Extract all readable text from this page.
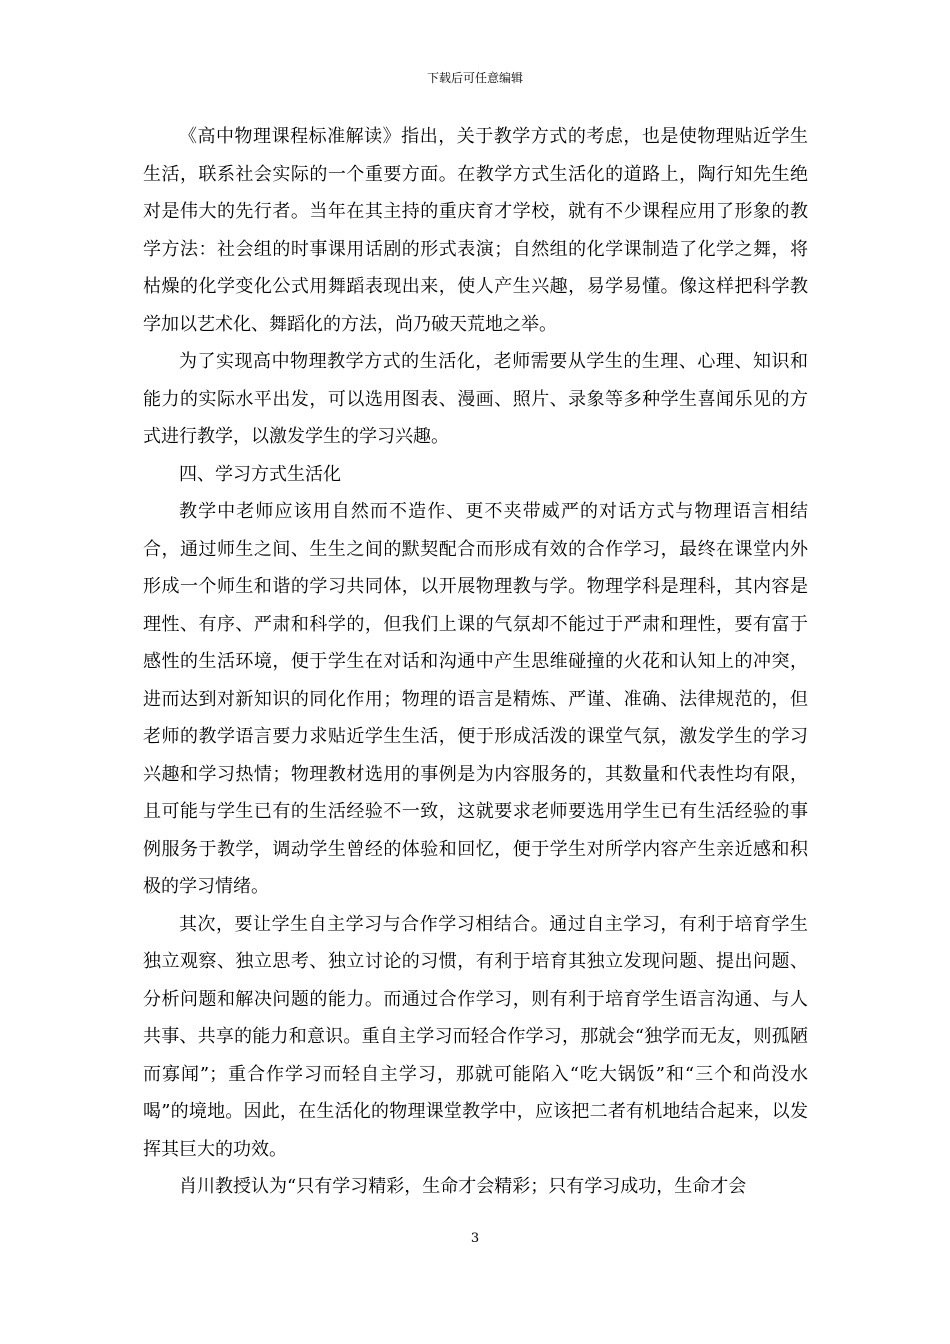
下载后可任意编辑

《高中物理课程标准解读》指出，关于教学方式的考虑，也是使物理贴近学生生活，联系社会实际的一个重要方面。在教学方式生活化的道路上，陶行知先生绝对是伟大的先行者。当年在其主持的重庆育才学校，就有不少课程应用了形象的教学方法：社会组的时事课用话剧的形式表演；自然组的化学课制造了化学之舞，将枯燥的化学变化公式用舞蹈表现出来，使人产生兴趣，易学易懂。像这样把科学教学加以艺术化、舞蹈化的方法，尚乃破天荒地之举。

为了实现高中物理教学方式的生活化，老师需要从学生的生理、心理、知识和能力的实际水平出发，可以选用图表、漫画、照片、录象等多种学生喜闻乐见的方式进行教学，以激发学生的学习兴趣。

四、学习方式生活化

教学中老师应该用自然而不造作、更不夹带威严的对话方式与物理语言相结合，通过师生之间、生生之间的默契配合而形成有效的合作学习，最终在课堂内外形成一个师生和谐的学习共同体，以开展物理教与学。物理学科是理科，其内容是理性、有序、严肃和科学的，但我们上课的气氛却不能过于严肃和理性，要有富于感性的生活环境，便于学生在对话和沟通中产生思维碰撞的火花和认知上的冲突，进而达到对新知识的同化作用；物理的语言是精炼、严谨、准确、法律规范的，但老师的教学语言要力求贴近学生生活，便于形成活泼的课堂气氛，激发学生的学习兴趣和学习热情；物理教材选用的事例是为内容服务的，其数量和代表性均有限，且可能与学生已有的生活经验不一致，这就要求老师要选用学生已有生活经验的事例服务于教学，调动学生曾经的体验和回忆，便于学生对所学内容产生亲近感和积极的学习情绪。

其次，要让学生自主学习与合作学习相结合。通过自主学习，有利于培育学生独立观察、独立思考、独立讨论的习惯，有利于培育其独立发现问题、提出问题、分析问题和解决问题的能力。而通过合作学习，则有利于培育学生语言沟通、与人共事、共享的能力和意识。重自主学习而轻合作学习，那就会“独学而无友，则孤陋而寡闻”；重合作学习而轻自主学习，那就可能陷入“吃大锅饭”和“三个和尚没水喝”的境地。因此，在生活化的物理课堂教学中，应该把二者有机地结合起来，以发挥其巨大的功效。

肖川教授认为“只有学习精彩，生命才会精彩；只有学习成功，生命才会

3
